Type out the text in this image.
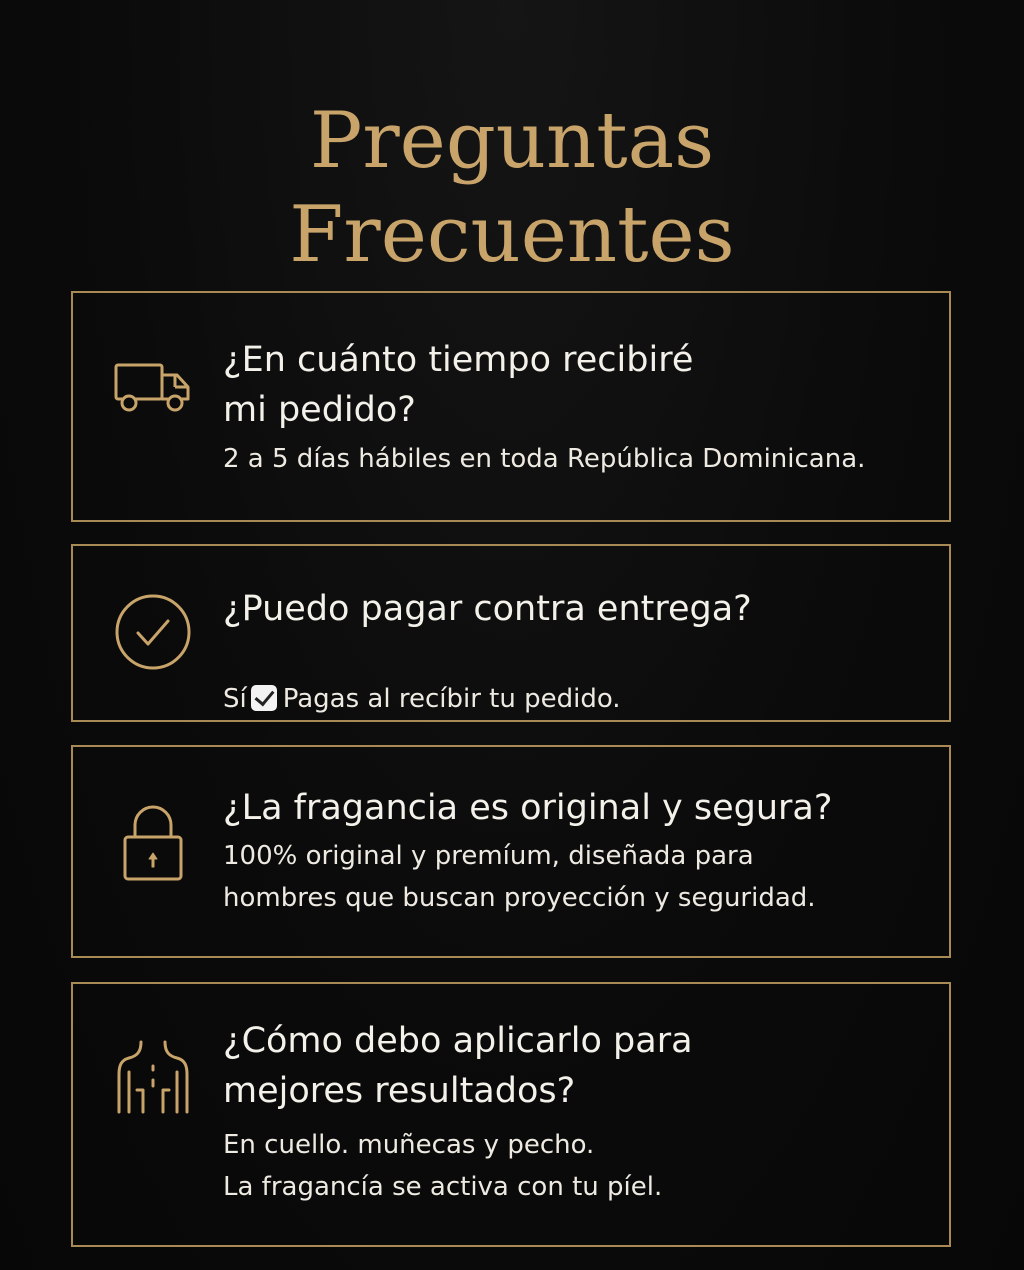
Preguntas
Frecuentes
¿En cuánto tiempo recibiré
mi pedido?
2 a 5 días hábiles en toda República Dominicana.
¿Puedo pagar contra entrega?

Sí Pagas al recíbir tu pedido.

¿La fragancia es original y segura?
100% original y premíum, diseñada para
hombres que buscan proyección y seguridad.
¿Cómo debo aplicarlo para
mejores resultados?
En cuello. muñecas y pecho.
La fragancía se activa con tu píel.
